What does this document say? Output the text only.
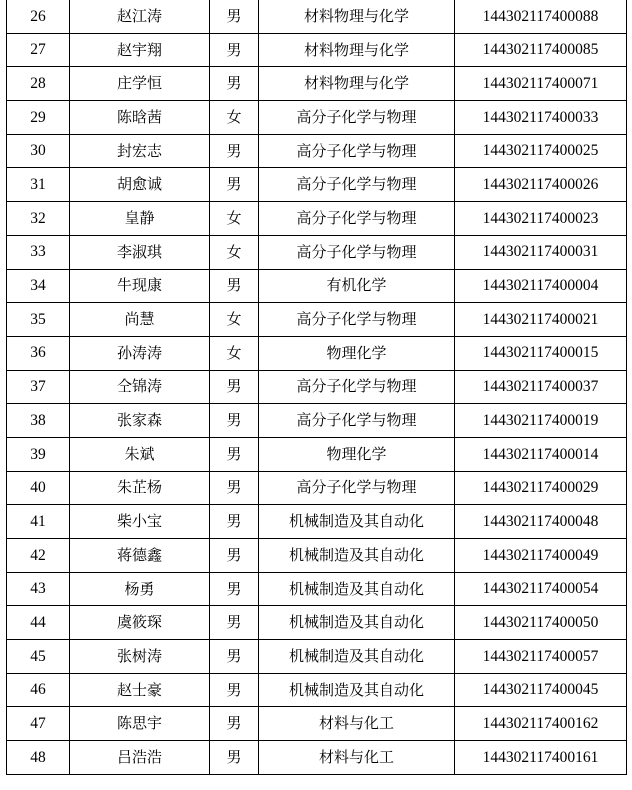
26	赵江涛	男	材料物理与化学	144302117400088
27	赵宇翔	男	材料物理与化学	144302117400085
28	庄学恒	男	材料物理与化学	144302117400071
29	陈晗茜	女	高分子化学与物理	144302117400033
30	封宏志	男	高分子化学与物理	144302117400025
31	胡愈诚	男	高分子化学与物理	144302117400026
32	皇静	女	高分子化学与物理	144302117400023
33	李淑琪	女	高分子化学与物理	144302117400031
34	牛现康	男	有机化学	144302117400004
35	尚慧	女	高分子化学与物理	144302117400021
36	孙涛涛	女	物理化学	144302117400015
37	仝锦涛	男	高分子化学与物理	144302117400037
38	张家森	男	高分子化学与物理	144302117400019
39	朱斌	男	物理化学	144302117400014
40	朱芷杨	男	高分子化学与物理	144302117400029
41	柴小宝	男	机械制造及其自动化	144302117400048
42	蒋德鑫	男	机械制造及其自动化	144302117400049
43	杨勇	男	机械制造及其自动化	144302117400054
44	虞筱琛	男	机械制造及其自动化	144302117400050
45	张树涛	男	机械制造及其自动化	144302117400057
46	赵士豪	男	机械制造及其自动化	144302117400045
47	陈思宇	男	材料与化工	144302117400162
48	吕浩浩	男	材料与化工	144302117400161
